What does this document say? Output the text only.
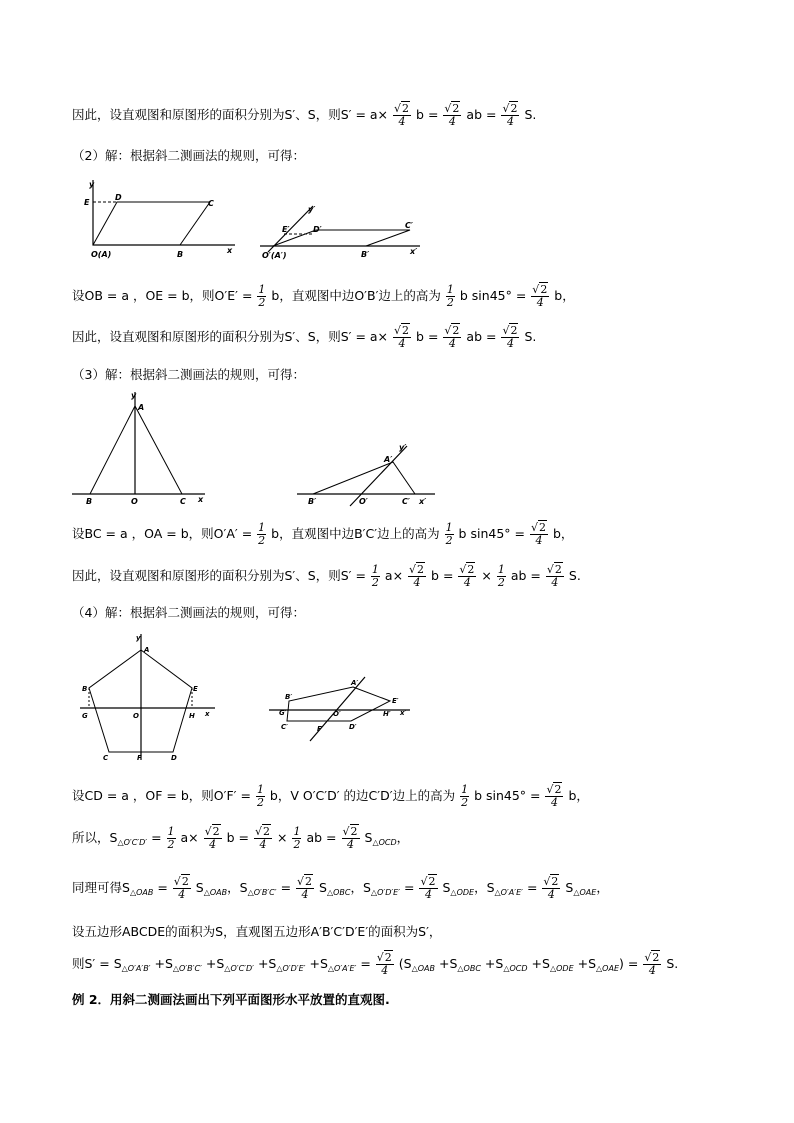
因此，设直观图和原图形的面积分别为S′、S，则$S' = a\times \frac{√2}{4}$ $b = \frac{√2}{4}$ ab = $\frac{√2}{4} S$.
（2）解：根据斜二测画法的规则，可得：
y
E
D
C
O(A)	B	x
y′
E′	D′	C′
O′(A′)	B′	x′
设OB = a ，OE = b，则$O'E' = \frac{1}{2}$ b，直观图中边O′B′边上的高为 $\frac{1}{2}$ b $\sin 45^\circ = \frac{√2}{4}$ b，
因此，设直观图和原图形的面积分别为S′、S，则$S' = a\times \frac{√2}{4}$ $b = \frac{√2}{4}$ ab = $\frac{√2}{4} S$.
（3）解：根据斜二测画法的规则，可得：
y
A
B	O	C x
y′
A′
B′	O′	C′ x′
设BC = a ，OA = b，则$O'A' = \frac{1}{2}$ b，直观图中边B′C′边上的高为 $\frac{1}{2}$ b $\sin 45^\circ = \frac{√2}{4}$ b，
因此，设直观图和原图形的面积分别为S′、S，则$S' = \frac{1}{2} a\times \frac{√2}{4}$ $b = \frac{√2}{4} \times \frac{1}{2}$ ab = $\frac{√2}{4} S$.
（4）解：根据斜二测画法的规则，可得：
y
A
B	E
G	O	H x
C	F	D
B′
A′
E′
G′	O′	H′ x′
C′	F′	D′
设CD = a ，OF = b，则$O'F' = \frac{1}{2}$ b，V O′C′D′ 的边C′D′边上的高为 $\frac{1}{2}$ b $\sin 45^\circ = \frac{√2}{4}$ b，
所以，$S_{\triangle O'C'D'} = \frac{1}{2} a\times \frac{√2}{4}$ $b = \frac{√2}{4} \times \frac{1}{2}$ ab = $\frac{√2}{4} S_{\triangle OCD}$，
同理可得$S_{\triangle OAB} = \frac{√2}{4} S_{\triangle OAB}$，$S_{\triangle O'B'C'} = \frac{√2}{4} S_{\triangle OBC}$，$S_{\triangle O'D'E'} = \frac{√2}{4} S_{\triangle ODE}$，$S_{\triangle O'A'E'} = \frac{√2}{4} S_{\triangle OAE}$，
设五边形ABCDE的面积为S，直观图五边形A′B′C′D′E′的面积为S′，
则$S' = S_{\triangle O'A'B'} +S_{\triangle O'B'C'} +S_{\triangle O'C'D'} +S_{\triangle O'D'E'} +S_{\triangle O'A'E'} = \frac{√2}{4} (S_{\triangle OAB} +S_{\triangle OBC} +S_{\triangle OCD} +S_{\triangle ODE} +S_{\triangle OAE}) = \frac{√2}{4} S$.
例 2．用斜二测画法画出下列平面图形水平放置的直观图.
